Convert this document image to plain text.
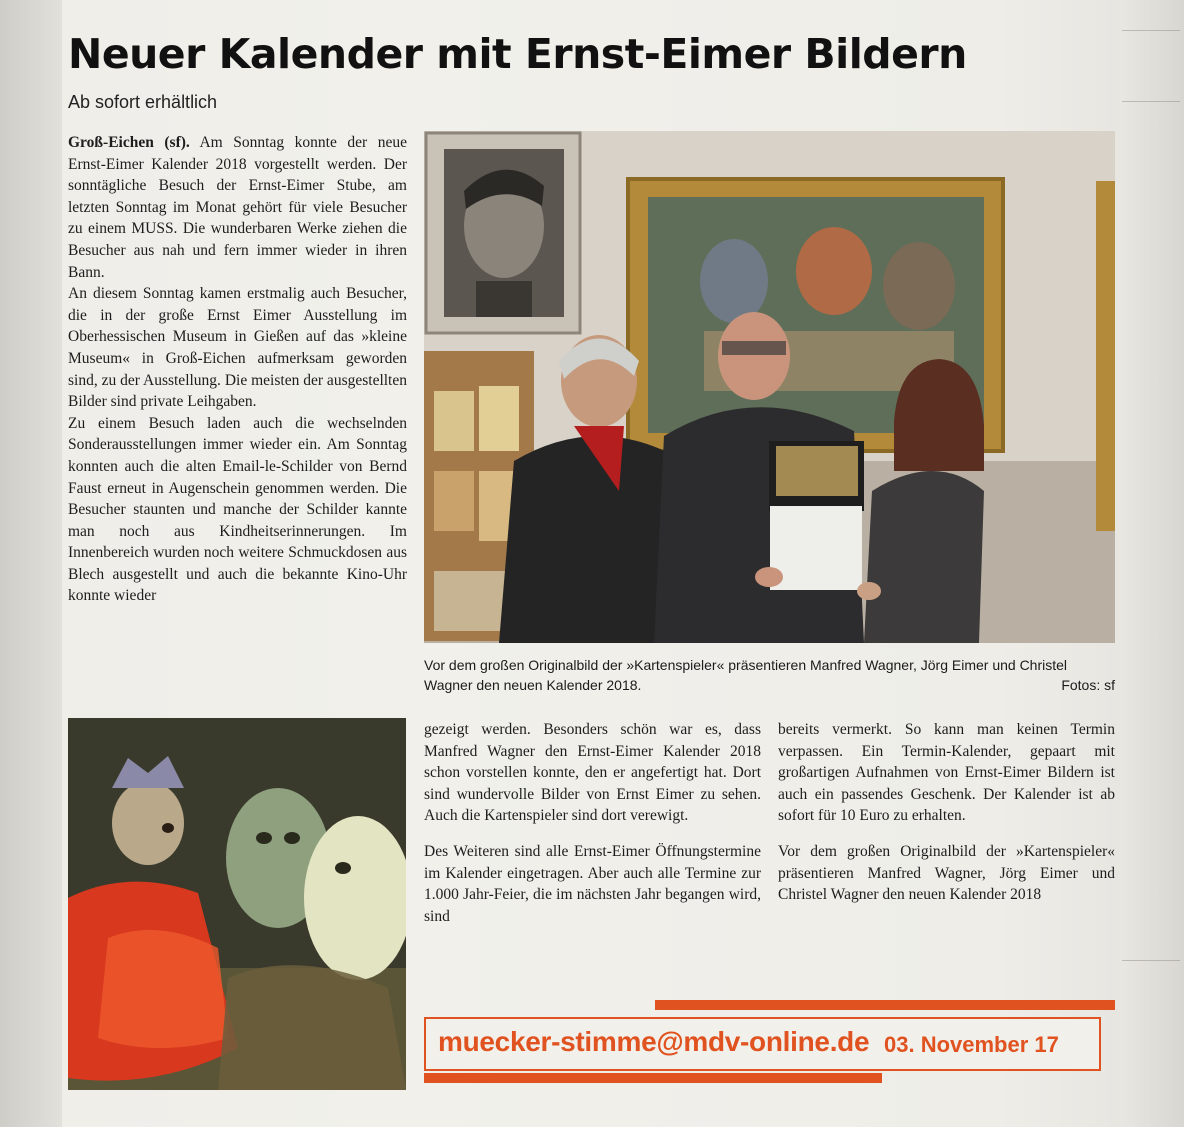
Neuer Kalender mit Ernst-Eimer Bildern

Ab sofort erhältlich

Groß-Eichen (sf). Am Sonntag konnte der neue Ernst-Eimer Kalender 2018 vorgestellt werden. Der sonntägliche Besuch der Ernst-Eimer Stube, am letzten Sonntag im Monat gehört für viele Besucher zu einem MUSS. Die wunderbaren Werke ziehen die Besucher aus nah und fern immer wieder in ihren Bann.

An diesem Sonntag kamen erstmalig auch Besucher, die in der große Ernst Eimer Ausstellung im Oberhessischen Museum in Gießen auf das »kleine Museum« in Groß-Eichen aufmerksam geworden sind, zu der Ausstellung. Die meisten der ausgestellten Bilder sind private Leihgaben.

Zu einem Besuch laden auch die wechselnden Sonderausstellungen immer wieder ein. Am Sonntag konnten auch die alten Email-le-Schilder von Bernd Faust erneut in Augenschein genommen werden. Die Besucher staunten und manche der Schilder kannte man noch aus Kindheitserinnerungen. Im Innenbereich wurden noch weitere Schmuckdosen aus Blech ausgestellt und auch die bekannte Kino-Uhr konnte wieder

Vor dem großen Originalbild der »Kartenspieler« präsentieren Manfred Wagner, Jörg Eimer und Christel Wagner den neuen Kalender 2018.	Fotos: sf

gezeigt werden. Besonders schön war es, dass Manfred Wagner den Ernst-Eimer Kalender 2018 schon vorstellen konnte, den er angefertigt hat. Dort sind wundervolle Bilder von Ernst Eimer zu sehen. Auch die Kartenspieler sind dort verewigt.

Des Weiteren sind alle Ernst-Eimer Öffnungstermine im Kalender eingetragen. Aber auch alle Termine zur 1.000 Jahr-Feier, die im nächsten Jahr begangen wird, sind

bereits vermerkt. So kann man keinen Termin verpassen. Ein Termin-Kalender, gepaart mit großartigen Aufnahmen von Ernst-Eimer Bildern ist auch ein passendes Geschenk. Der Kalender ist ab sofort für 10 Euro zu erhalten.

Vor dem großen Originalbild der »Kartenspieler« präsentieren Manfred Wagner, Jörg Eimer und Christel Wagner den neuen Kalender 2018

muecker-stimme@mdv-online.de 03. November 17
